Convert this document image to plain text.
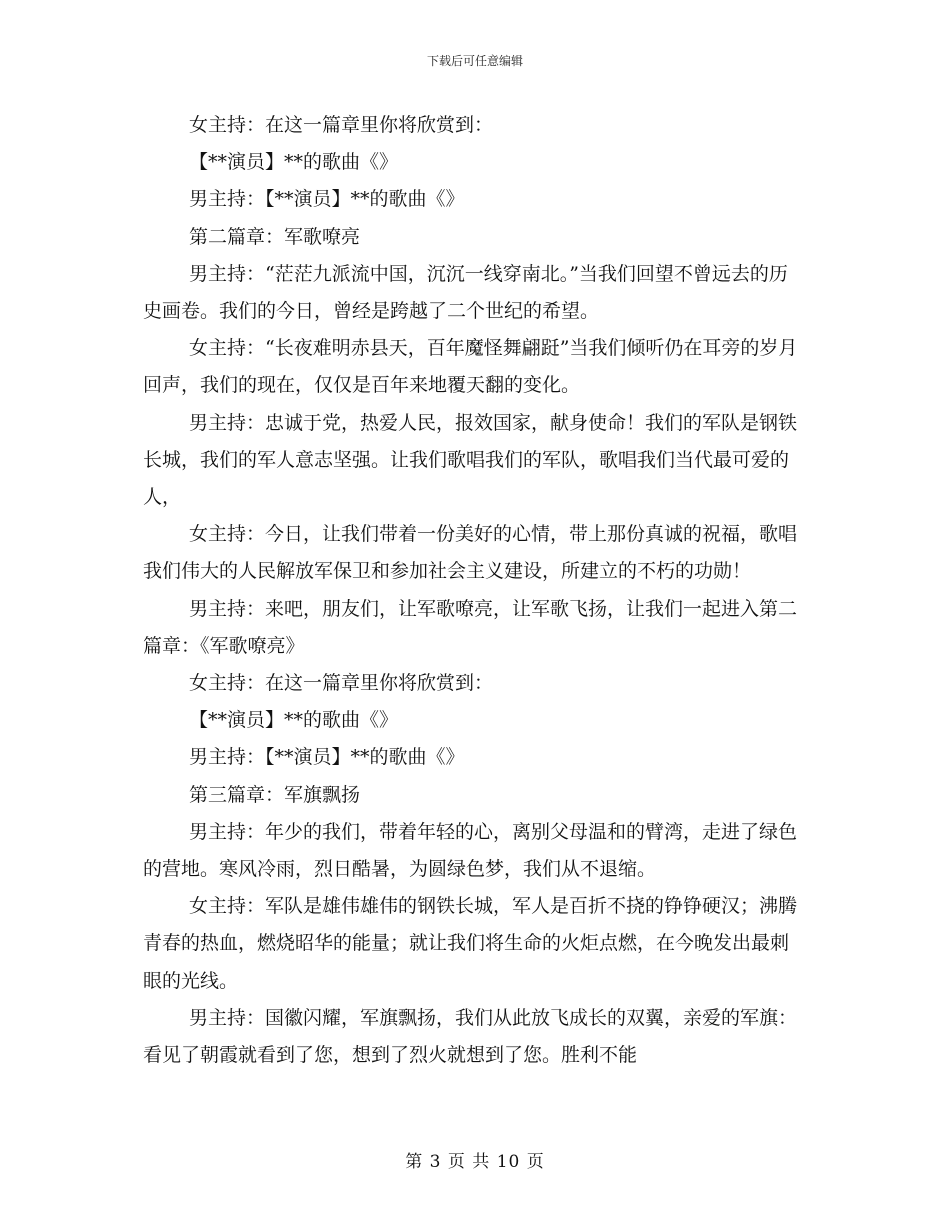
下载后可任意编辑

女主持：在这一篇章里你将欣赏到：

【**演员】**的歌曲《》

男主持：【**演员】**的歌曲《》

第二篇章：军歌嘹亮

男主持：“茫茫九派流中国，沉沉一线穿南北。”当我们回望不曾远去的历史画卷。我们的今日，曾经是跨越了二个世纪的希望。

女主持：“长夜难明赤县天，百年魔怪舞翩跹”当我们倾听仍在耳旁的岁月回声，我们的现在，仅仅是百年来地覆天翻的变化。

男主持：忠诚于党，热爱人民，报效国家，献身使命！我们的军队是钢铁长城，我们的军人意志坚强。让我们歌唱我们的军队，歌唱我们当代最可爱的人，

女主持：今日，让我们带着一份美好的心情，带上那份真诚的祝福，歌唱我们伟大的人民解放军保卫和参加社会主义建设，所建立的不朽的功勋！

男主持：来吧，朋友们，让军歌嘹亮，让军歌飞扬，让我们一起进入第二篇章：《军歌嘹亮》

女主持：在这一篇章里你将欣赏到：

【**演员】**的歌曲《》

男主持：【**演员】**的歌曲《》

第三篇章：军旗飘扬

男主持：年少的我们，带着年轻的心，离别父母温和的臂湾，走进了绿色的营地。寒风冷雨，烈日酷暑，为圆绿色梦，我们从不退缩。

女主持：军队是雄伟雄伟的钢铁长城，军人是百折不挠的铮铮硬汉；沸腾青春的热血，燃烧昭华的能量；就让我们将生命的火炬点燃，在今晚发出最刺眼的光线。

男主持：国徽闪耀，军旗飘扬，我们从此放飞成长的双翼，亲爱的军旗：看见了朝霞就看到了您，想到了烈火就想到了您。胜利不能

第 3 页 共 10 页
